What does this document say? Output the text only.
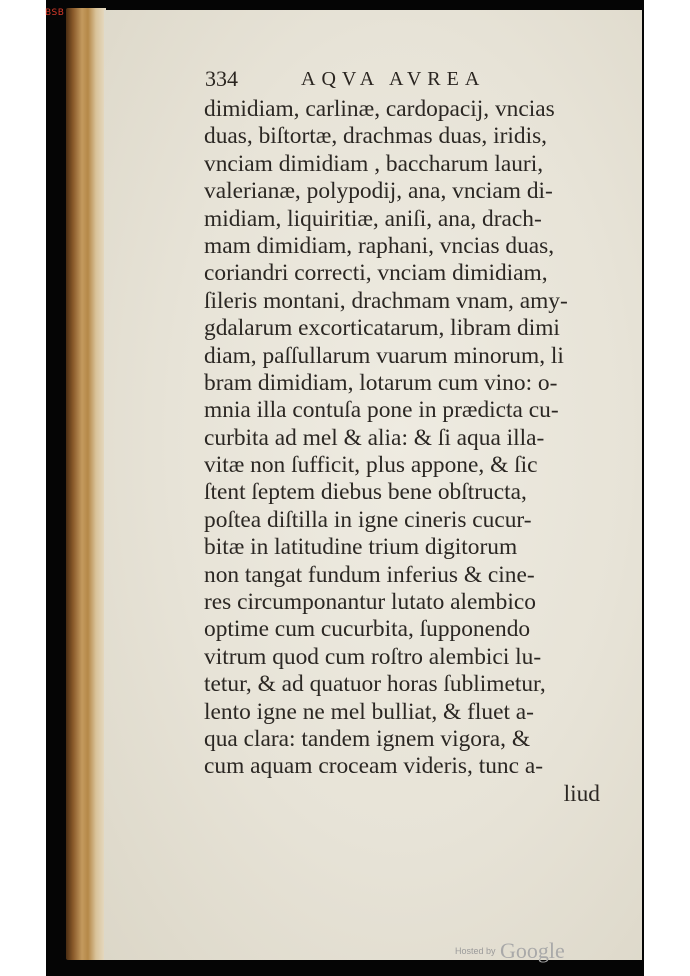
BSB
334	AQVA AVREA
dimidiam, carlinæ, cardopacij, vncias
duas, biſtortæ, drachmas duas, iridis,
vnciam dimidiam , baccharum lauri,
valerianæ, polypodij, ana, vnciam di-
midiam, liquiritiæ, aniſi, ana, drach-
mam dimidiam, raphani, vncias duas,
coriandri correcti, vnciam dimidiam,
ſileris montani, drachmam vnam, amy-
gdalarum excorticatarum, libram dimi
diam, paſſullarum vuarum minorum, li
bram dimidiam, lotarum cum vino: o-
mnia illa contuſa pone in prædicta cu-
curbita ad mel & alia: & ſi aqua illa-
vitæ non ſufficit, plus appone, & ſic
ſtent ſeptem diebus bene obſtructa,
poſtea diſtilla in igne cineris cucur-
bitæ in latitudine trium digitorum
non tangat fundum inferius & cine-
res circumponantur lutato alembico
optime cum cucurbita, ſupponendo
vitrum quod cum roſtro alembici lu-
tetur, & ad quatuor horas ſublimetur,
lento igne ne mel bulliat, & fluet a-
qua clara: tandem ignem vigora, &
cum aquam croceam videris, tunc a-
liud
Hosted by Google
